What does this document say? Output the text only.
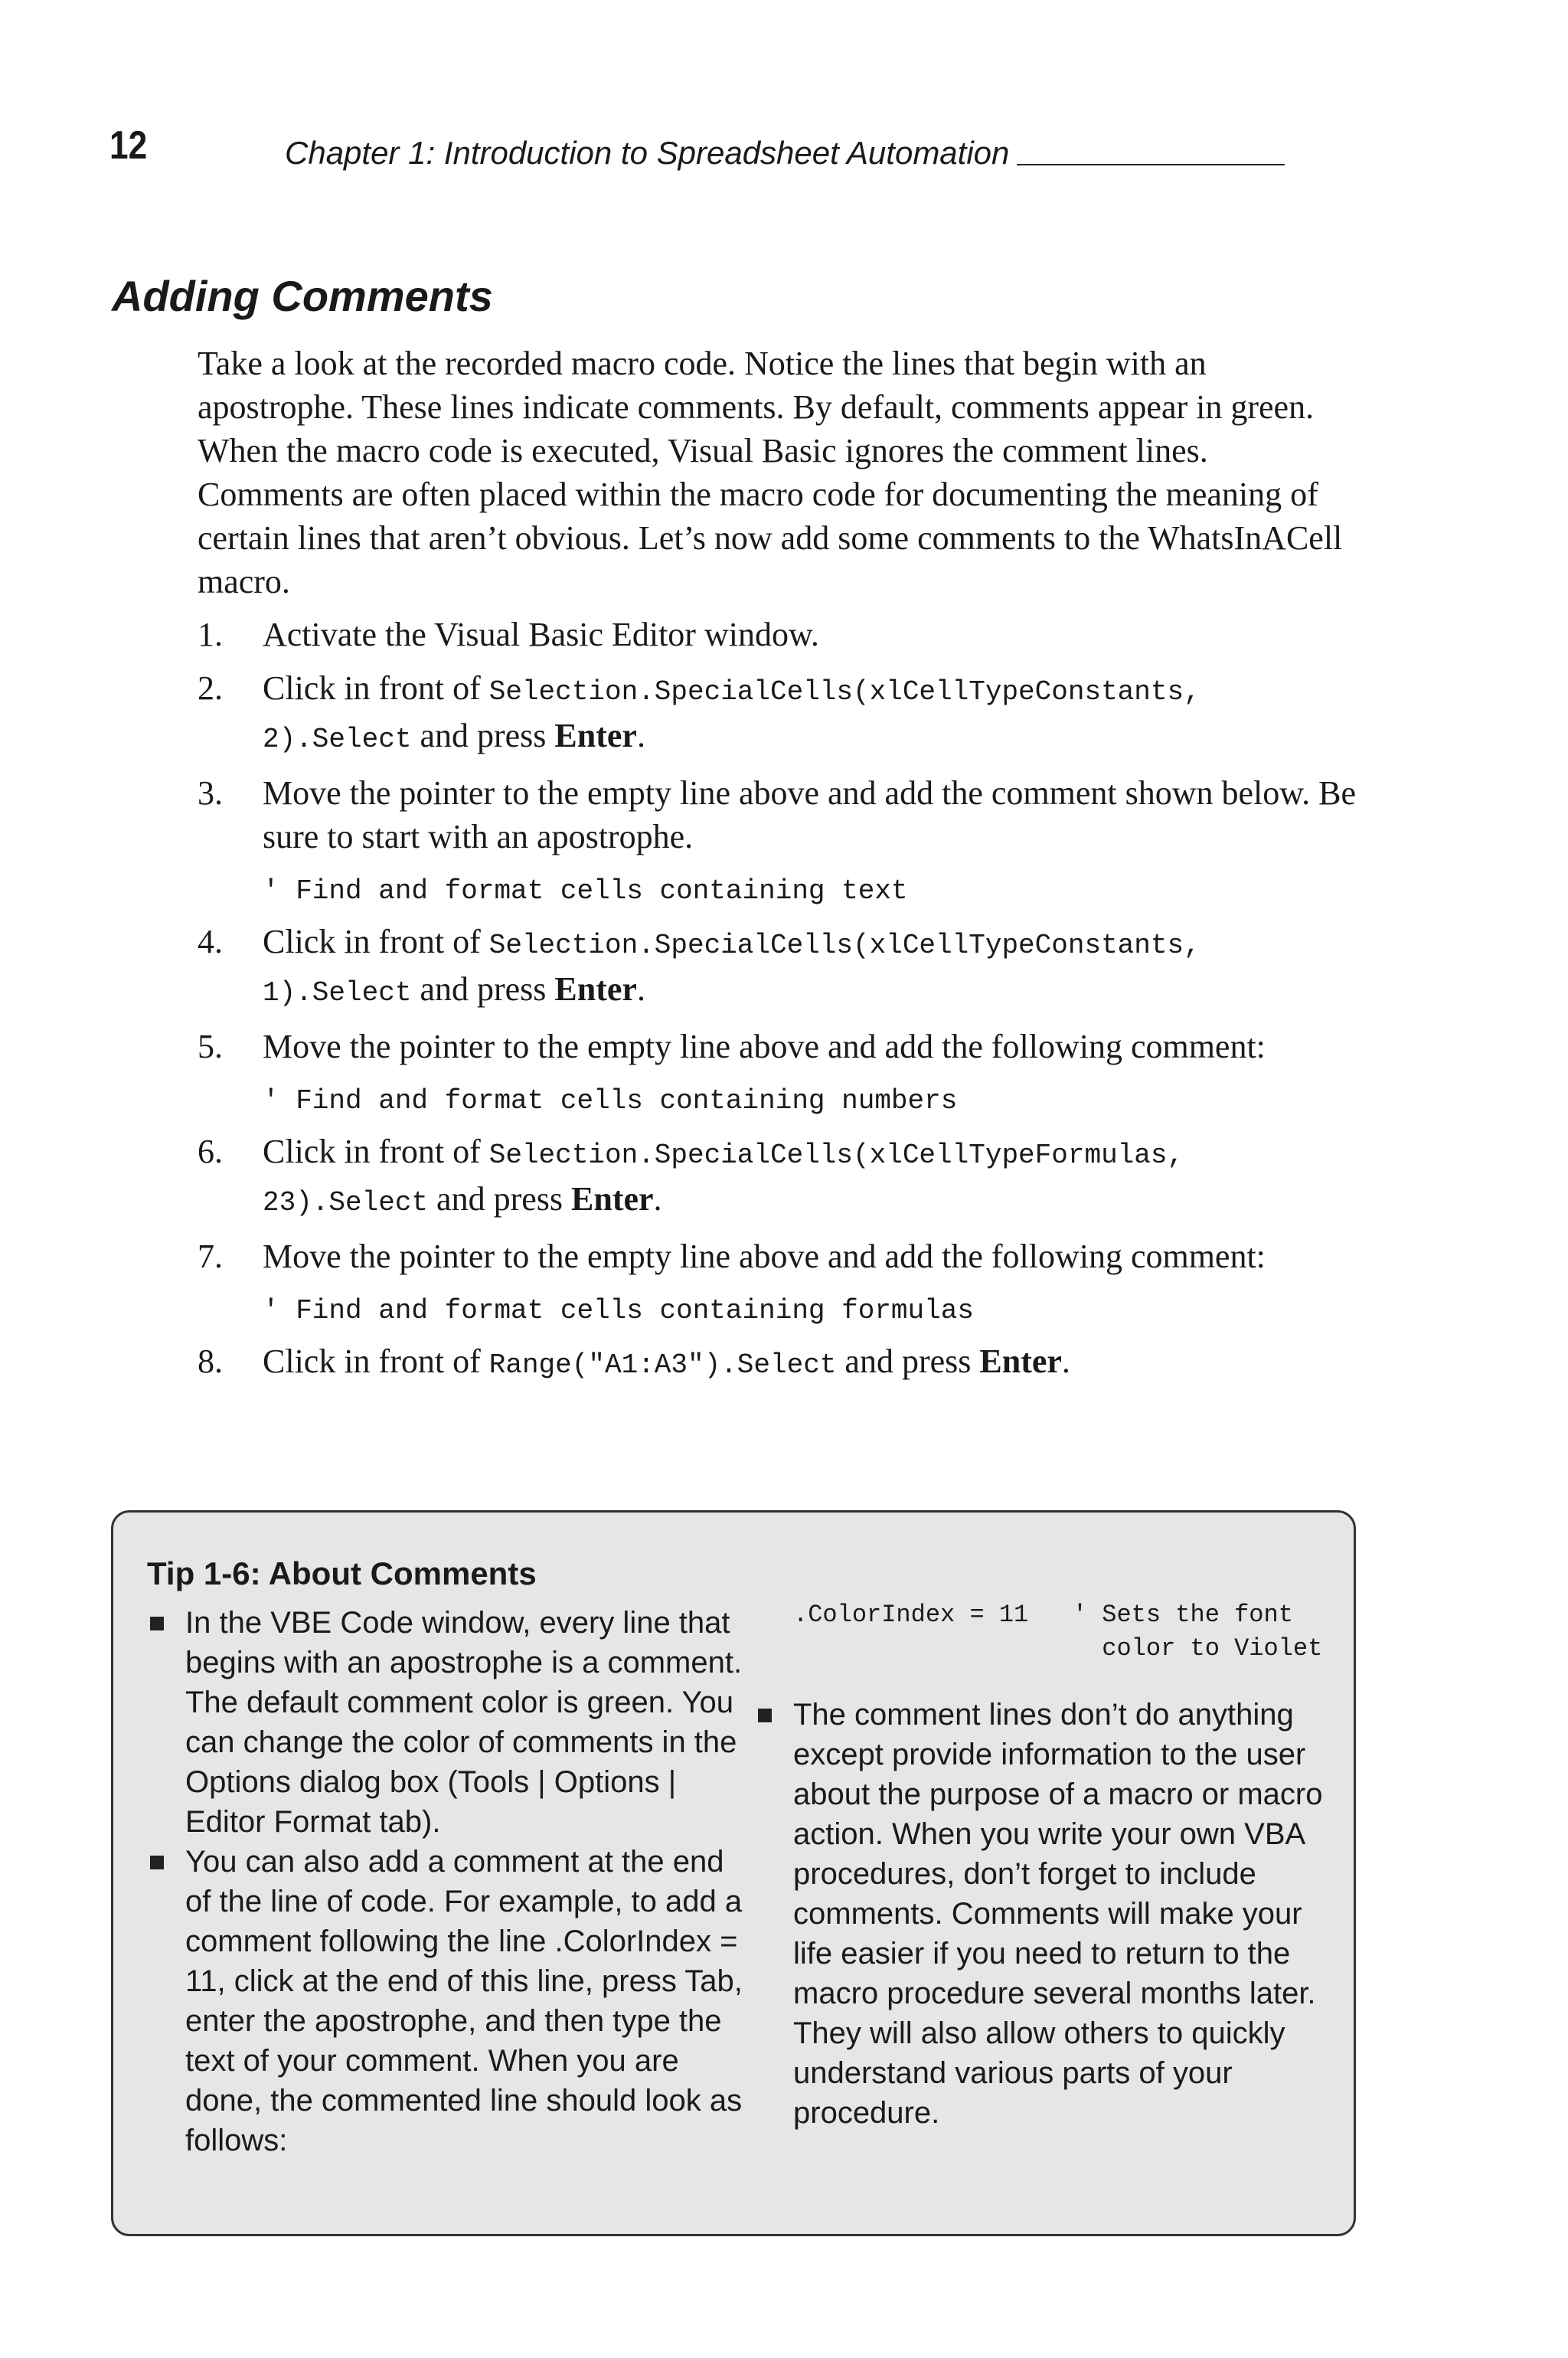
12	Chapter 1: Introduction to Spreadsheet Automation
Adding Comments

Take a look at the recorded macro code. Notice the lines that begin with an apostrophe. These lines indicate comments. By default, comments appear in green. When the macro code is executed, Visual Basic ignores the comment lines. Comments are often placed within the macro code for documenting the meaning of certain lines that aren’t obvious. Let’s now add some comments to the WhatsInACell macro.

1. Activate the Visual Basic Editor window.
2. Click in front of Selection.SpecialCells(xlCellTypeConstants, 2).Select and press Enter.
3. Move the pointer to the empty line above and add the comment shown below. Be sure to start with an apostrophe.
' Find and format cells containing text
4. Click in front of Selection.SpecialCells(xlCellTypeConstants, 1).Select and press Enter.
5. Move the pointer to the empty line above and add the following comment:
' Find and format cells containing numbers
6. Click in front of Selection.SpecialCells(xlCellTypeFormulas, 23).Select and press Enter.
7. Move the pointer to the empty line above and add the following comment:
' Find and format cells containing formulas
8. Click in front of Range("A1:A3").Select and press Enter.
Tip 1-6: About Comments
In the VBE Code window, every line that begins with an apostrophe is a comment. The default comment color is green. You can change the color of comments in the Options dialog box (Tools | Options | Editor Format tab).
You can also add a comment at the end of the line of code. For example, to add a comment following the line .ColorIndex = 11, click at the end of this line, press Tab, enter the apostrophe, and then type the text of your comment. When you are done, the commented line should look as follows:
.ColorIndex = 11   ' Sets the font
color to Violet
The comment lines don’t do anything except provide information to the user about the purpose of a macro or macro action. When you write your own VBA procedures, don’t forget to include comments. Comments will make your life easier if you need to return to the macro procedure several months later. They will also allow others to quickly understand various parts of your procedure.
